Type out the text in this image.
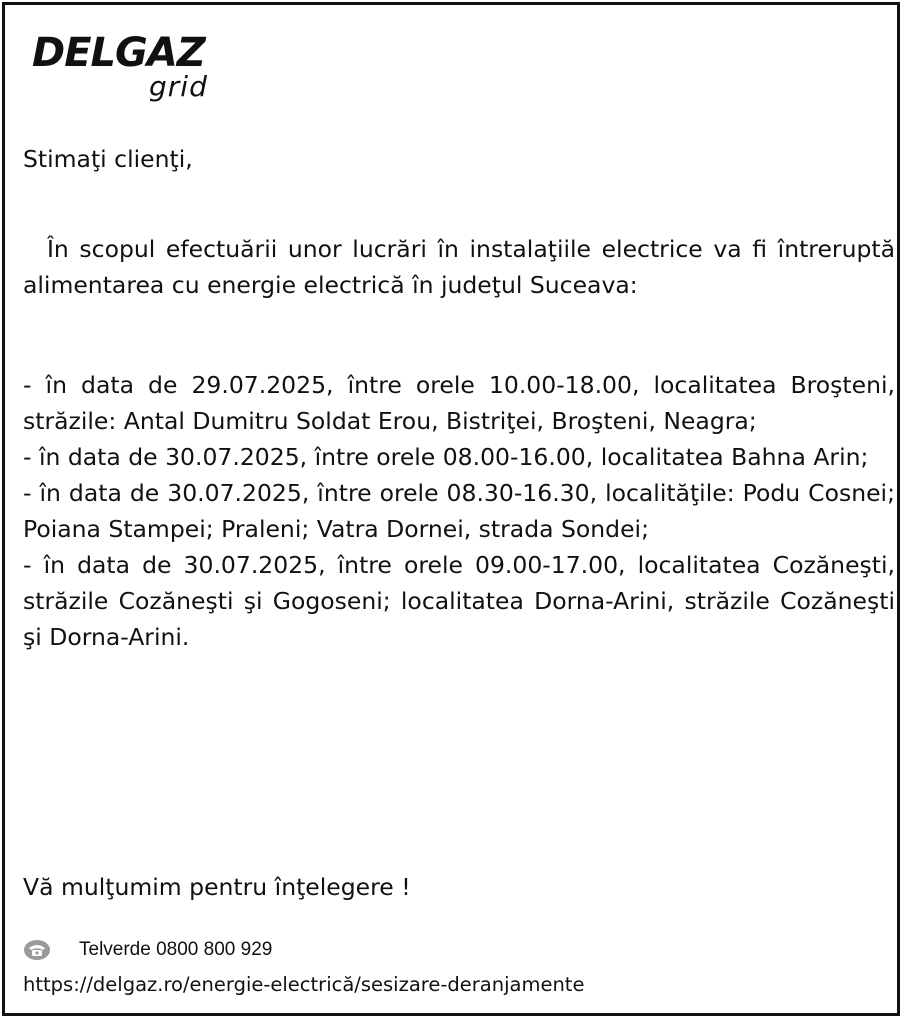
DELGAZ
grid
Stimaţi clienţi,
În scopul efectuării unor lucrări în instalaţiile electrice va fi întreruptă alimentarea cu energie electrică în judeţul Suceava:

- în data de 29.07.2025, între orele 10.00-18.00, localitatea Broşteni, străzile: Antal Dumitru Soldat Erou, Bistriţei, Broşteni, Neagra;

- în data de 30.07.2025, între orele 08.00-16.00, localitatea Bahna Arin;

- în data de 30.07.2025, între orele 08.30-16.30, localităţile: Podu Cosnei; Poiana Stampei; Praleni; Vatra Dornei, strada Sondei;

- în data de 30.07.2025, între orele 09.00-17.00, localitatea Cozăneşti, străzile Cozăneşti şi Gogoseni; localitatea Dorna-Arini, străzile Cozăneşti şi Dorna-Arini.

Vă mulţumim pentru înţelegere !
Telverde 0800 800 929
https://delgaz.ro/energie-electrică/sesizare-deranjamente
